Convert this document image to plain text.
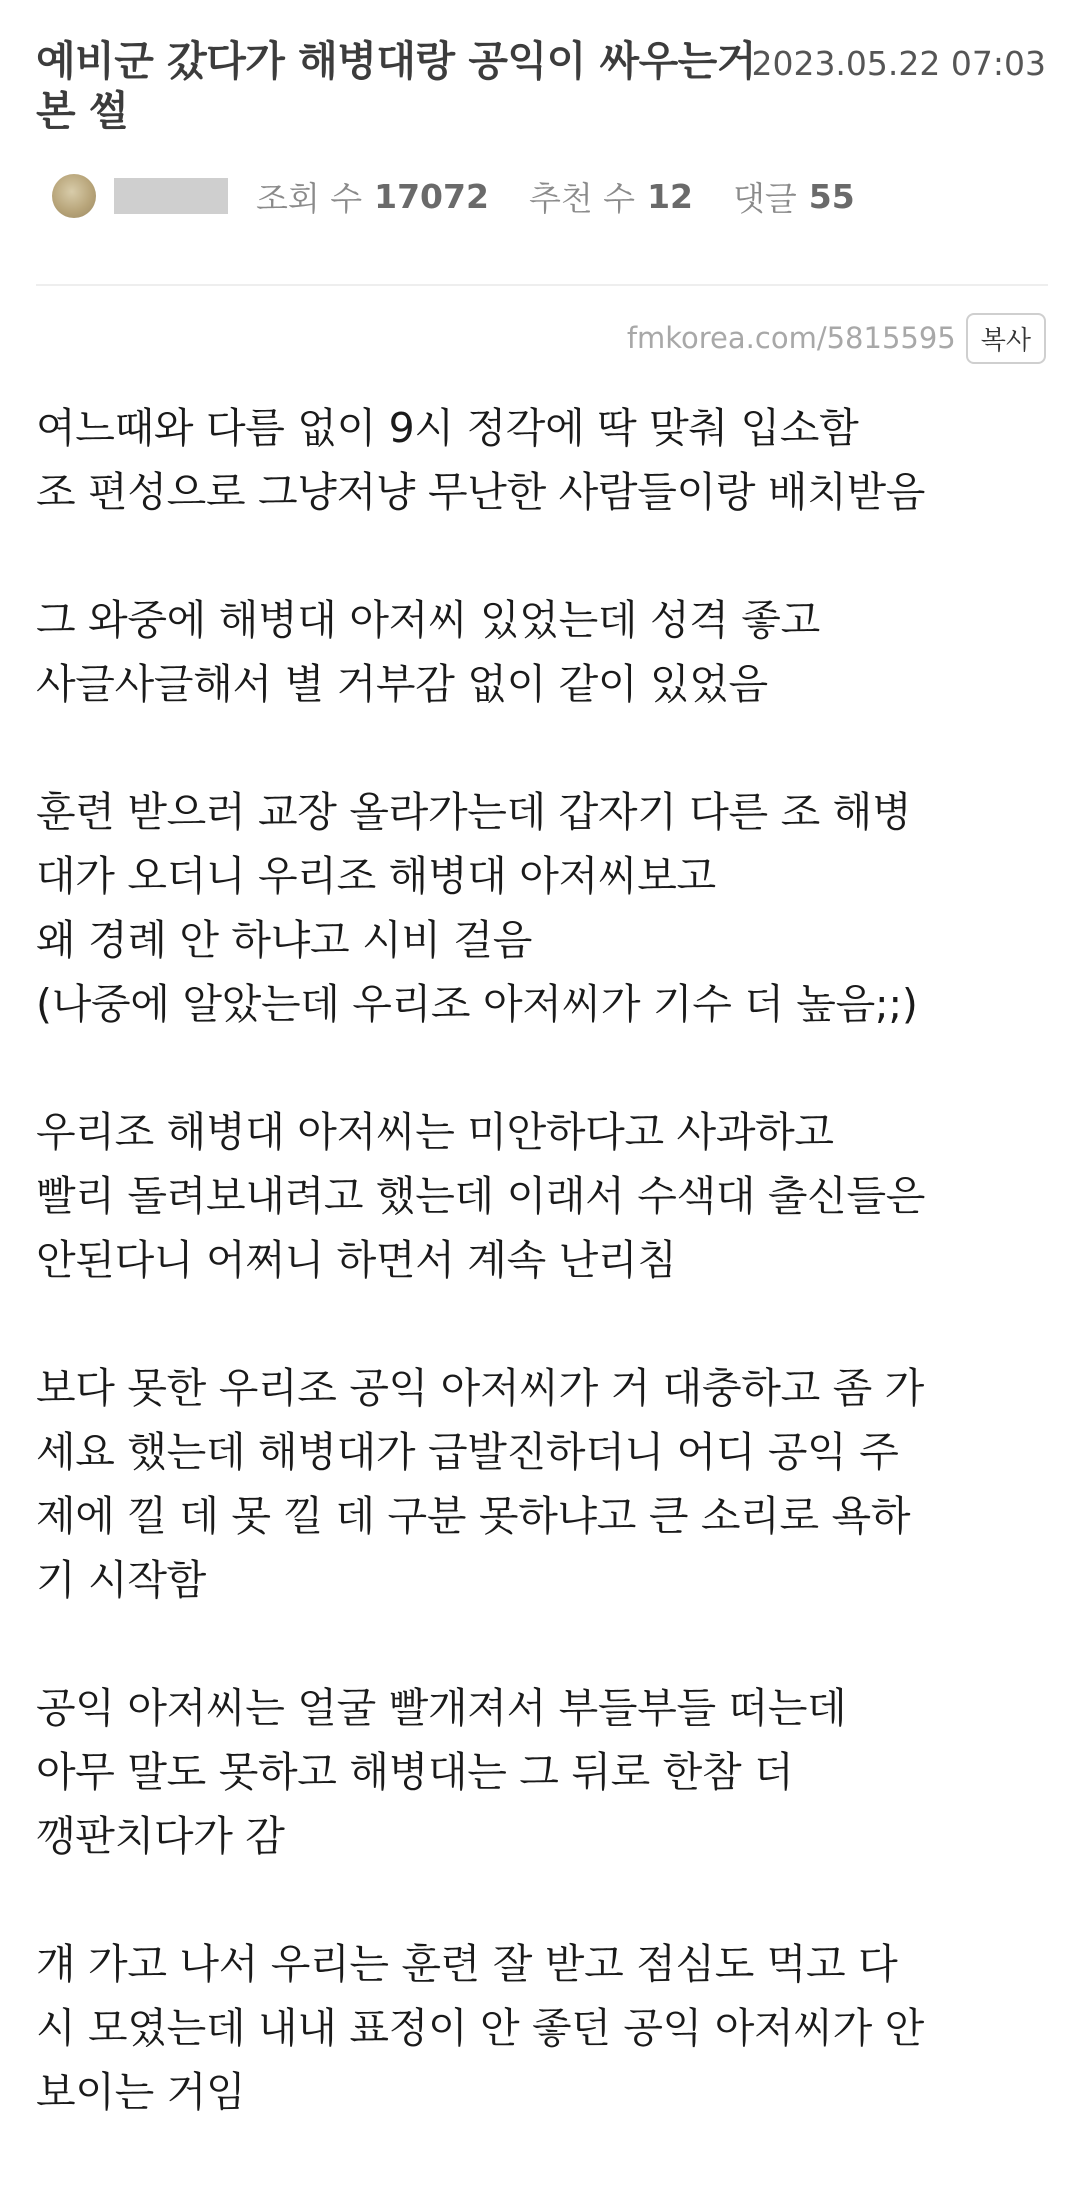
예비군 갔다가 해병대랑 공익이 싸우는거 본 썰
2023.05.22 07:03
조회 수 17072 추천 수 12 댓글 55
fmkorea.com/5815595 복사
여느때와 다름 없이 9시 정각에 딱 맞춰 입소함
조 편성으로 그냥저냥 무난한 사람들이랑 배치받음
그 와중에 해병대 아저씨 있었는데 성격 좋고
사글사글해서 별 거부감 없이 같이 있었음
훈련 받으러 교장 올라가는데 갑자기 다른 조 해병
대가 오더니 우리조 해병대 아저씨보고
왜 경례 안 하냐고 시비 걸음
(나중에 알았는데 우리조 아저씨가 기수 더 높음;;)
우리조 해병대 아저씨는 미안하다고 사과하고
빨리 돌려보내려고 했는데 이래서 수색대 출신들은
안된다니 어쩌니 하면서 계속 난리침
보다 못한 우리조 공익 아저씨가 거 대충하고 좀 가
세요 했는데 해병대가 급발진하더니 어디 공익 주
제에 낄 데 못 낄 데 구분 못하냐고 큰 소리로 욕하
기 시작함
공익 아저씨는 얼굴 빨개져서 부들부들 떠는데
아무 말도 못하고 해병대는 그 뒤로 한참 더
깽판치다가 감
걔 가고 나서 우리는 훈련 잘 받고 점심도 먹고 다
시 모였는데 내내 표정이 안 좋던 공익 아저씨가 안
보이는 거임
